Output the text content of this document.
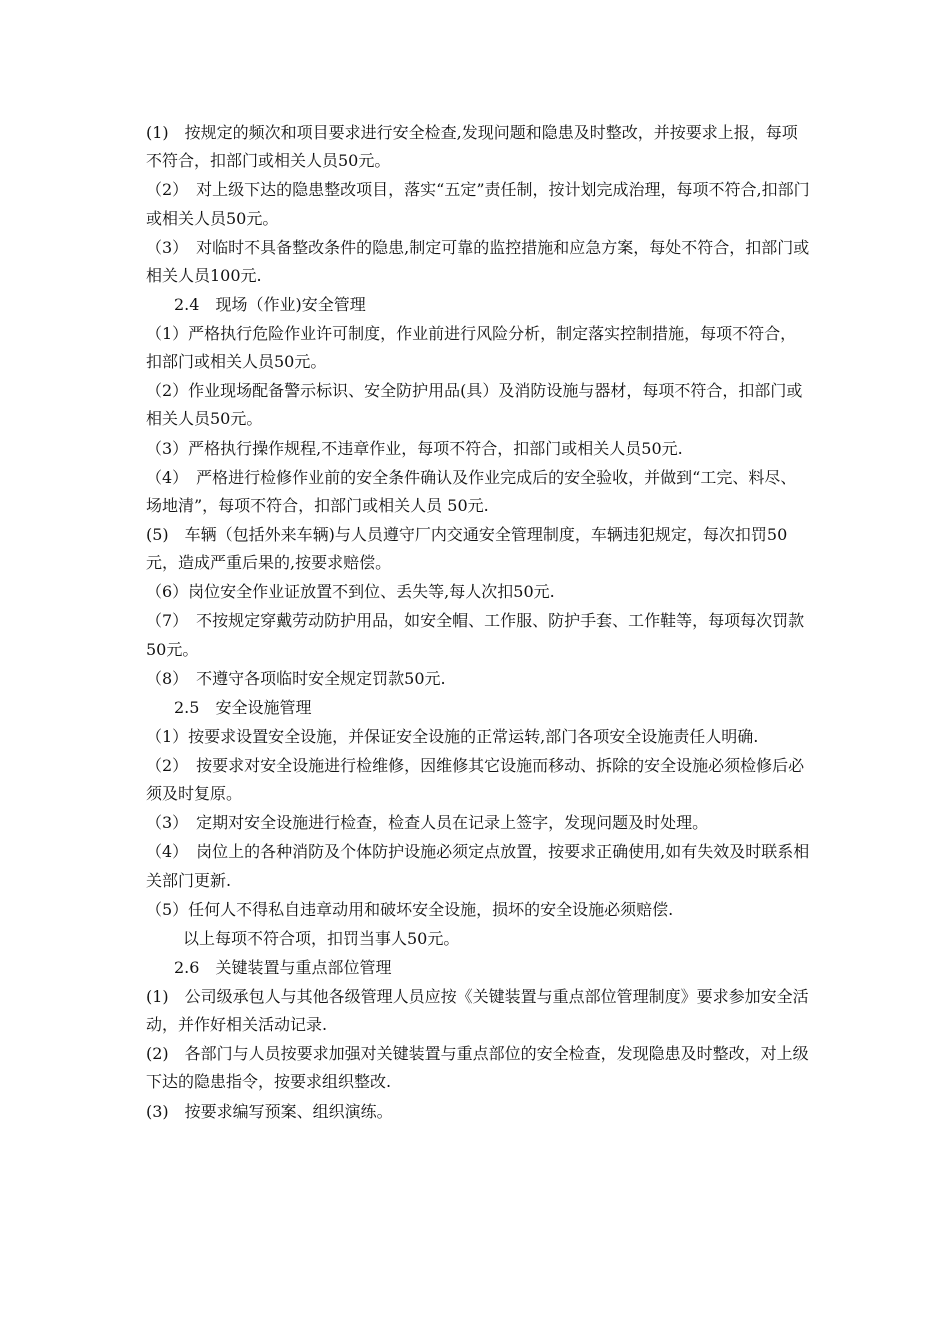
(1)　按规定的频次和项目要求进行安全检查,发现问题和隐患及时整改，并按要求上报，每项不符合，扣部门或相关人员50元。

（2）　对上级下达的隐患整改项目，落实“五定”责任制，按计划完成治理，每项不符合,扣部门或相关人员50元。

（3）　对临时不具备整改条件的隐患,制定可靠的监控措施和应急方案，每处不符合，扣部门或相关人员100元.

2.4　现场（作业)安全管理

（1）严格执行危险作业许可制度，作业前进行风险分析，制定落实控制措施，每项不符合，扣部门或相关人员50元。

（2）作业现场配备警示标识、安全防护用品(具）及消防设施与器材，每项不符合，扣部门或相关人员50元。

（3）严格执行操作规程,不违章作业，每项不符合，扣部门或相关人员50元.

（4）　严格进行检修作业前的安全条件确认及作业完成后的安全验收，并做到“工完、料尽、场地清”，每项不符合，扣部门或相关人员 50元.

(5)　车辆（包括外来车辆)与人员遵守厂内交通安全管理制度，车辆违犯规定，每次扣罚50元，造成严重后果的,按要求赔偿。

（6）岗位安全作业证放置不到位、丢失等,每人次扣50元.

（7）　不按规定穿戴劳动防护用品，如安全帽、工作服、防护手套、工作鞋等，每项每次罚款50元。

（8）　不遵守各项临时安全规定罚款50元.

2.5　安全设施管理

（1）按要求设置安全设施，并保证安全设施的正常运转,部门各项安全设施责任人明确.

（2）　按要求对安全设施进行检维修，因维修其它设施而移动、拆除的安全设施必须检修后必须及时复原。

（3）　定期对安全设施进行检查，检查人员在记录上签字，发现问题及时处理。

（4）　岗位上的各种消防及个体防护设施必须定点放置，按要求正确使用,如有失效及时联系相关部门更新.

（5）任何人不得私自违章动用和破坏安全设施，损坏的安全设施必须赔偿.

以上每项不符合项，扣罚当事人50元。

2.6　关键装置与重点部位管理

(1)　公司级承包人与其他各级管理人员应按《关键装置与重点部位管理制度》要求参加安全活动，并作好相关活动记录.

(2)　各部门与人员按要求加强对关键装置与重点部位的安全检查，发现隐患及时整改，对上级下达的隐患指令，按要求组织整改.

(3)　按要求编写预案、组织演练。
